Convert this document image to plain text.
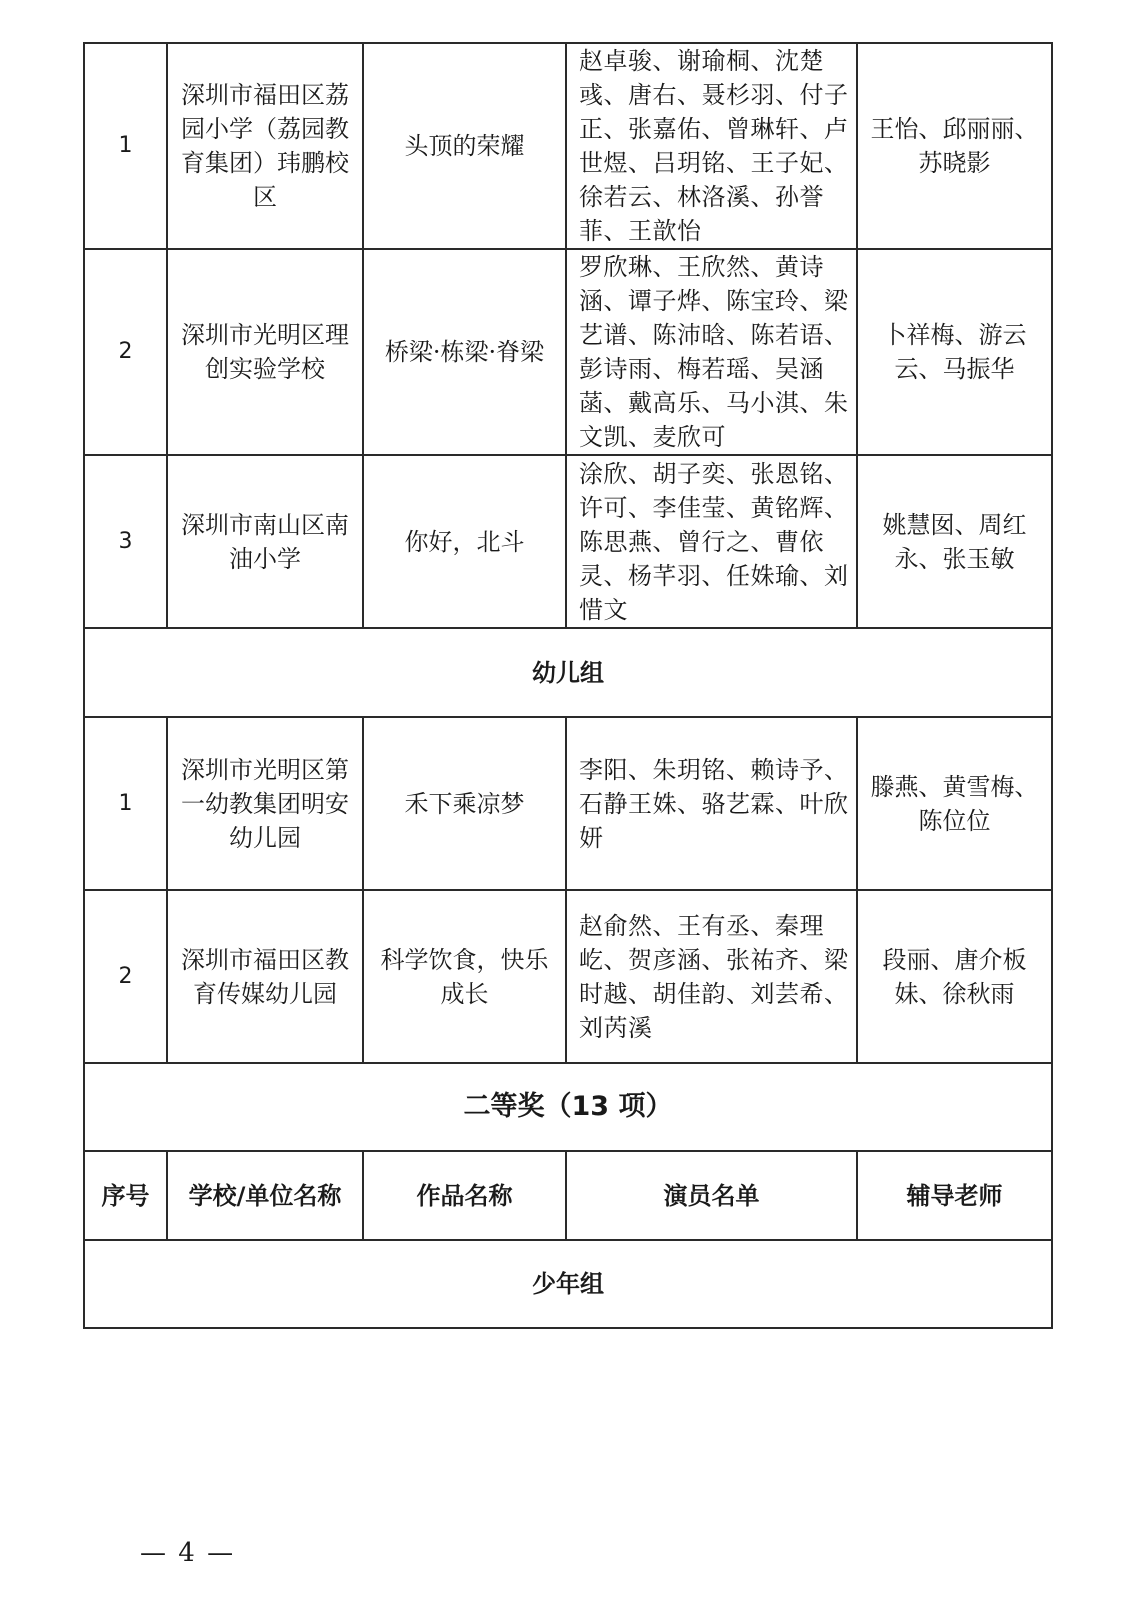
1	深圳市福田区荔园小学（荔园教育集团）玮鹏校区	头顶的荣耀	赵卓骏、谢瑜桐、沈楚彧、唐右、聂杉羽、付子正、张嘉佑、曾琳轩、卢世煜、吕玥铭、王子妃、徐若云、林洛溪、孙誉菲、王歆怡	王怡、邱丽丽、苏晓影
2	深圳市光明区理创实验学校	桥梁·栋梁·脊梁	罗欣琳、王欣然、黄诗涵、谭子烨、陈宝玲、梁艺谱、陈沛晗、陈若语、彭诗雨、梅若瑶、吴涵菡、戴高乐、马小淇、朱文凯、麦欣可	卜祥梅、游云云、马振华
3	深圳市南山区南油小学	你好，北斗	涂欣、胡子奕、张恩铭、许可、李佳莹、黄铭辉、陈思燕、曾行之、曹依灵、杨芊羽、任姝瑜、刘惜文	姚慧囡、周红永、张玉敏
幼儿组				
1	深圳市光明区第一幼教集团明安幼儿园	禾下乘凉梦	李阳、朱玥铭、赖诗予、石静王姝、骆艺霖、叶欣妍	滕燕、黄雪梅、陈位位
2	深圳市福田区教育传媒幼儿园	科学饮食，快乐成长	赵俞然、王有丞、秦理屹、贺彦涵、张祐齐、梁时越、胡佳韵、刘芸希、刘芮溪	段丽、唐介板妹、徐秋雨
二等奖（13 项）				
序号	学校/单位名称	作品名称	演员名单	辅导老师
少年组				
— 4 —
